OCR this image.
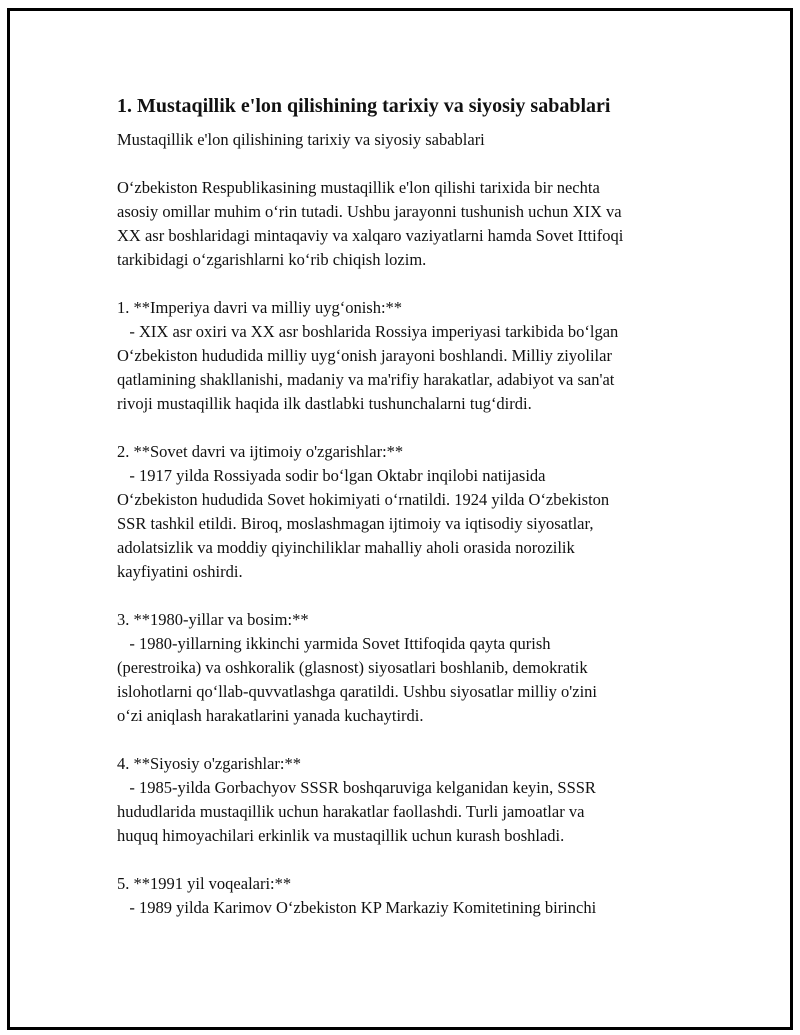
1. Mustaqillik e'lon qilishining tarixiy va siyosiy sabablari
Mustaqillik e'lon qilishining tarixiy va siyosiy sabablari
O‘zbekiston Respublikasining mustaqillik e'lon qilishi tarixida bir nechta
asosiy omillar muhim o‘rin tutadi. Ushbu jarayonni tushunish uchun XIX va
XX asr boshlaridagi mintaqaviy va xalqaro vaziyatlarni hamda Sovet Ittifoqi
tarkibidagi o‘zgarishlarni ko‘rib chiqish lozim.
1. **Imperiya davri va milliy uyg‘onish:**
- XIX asr oxiri va XX asr boshlarida Rossiya imperiyasi tarkibida bo‘lgan
O‘zbekiston hududida milliy uyg‘onish jarayoni boshlandi. Milliy ziyolilar
qatlamining shakllanishi, madaniy va ma'rifiy harakatlar, adabiyot va san'at
rivoji mustaqillik haqida ilk dastlabki tushunchalarni tug‘dirdi.
2. **Sovet davri va ijtimoiy o'zgarishlar:**
- 1917 yilda Rossiyada sodir bo‘lgan Oktabr inqilobi natijasida
O‘zbekiston hududida Sovet hokimiyati o‘rnatildi. 1924 yilda O‘zbekiston
SSR tashkil etildi. Biroq, moslashmagan ijtimoiy va iqtisodiy siyosatlar,
adolatsizlik va moddiy qiyinchiliklar mahalliy aholi orasida norozilik
kayfiyatini oshirdi.
3. **1980-yillar va bosim:**
- 1980-yillarning ikkinchi yarmida Sovet Ittifoqida qayta qurish
(perestroika) va oshkoralik (glasnost) siyosatlari boshlanib, demokratik
islohotlarni qo‘llab-quvvatlashga qaratildi. Ushbu siyosatlar milliy o'zini
o‘zi aniqlash harakatlarini yanada kuchaytirdi.
4. **Siyosiy o'zgarishlar:**
- 1985-yilda Gorbachyov SSSR boshqaruviga kelganidan keyin, SSSR
hududlarida mustaqillik uchun harakatlar faollashdi. Turli jamoatlar va
huquq himoyachilari erkinlik va mustaqillik uchun kurash boshladi.
5. **1991 yil voqealari:**
- 1989 yilda Karimov O‘zbekiston KP Markaziy Komitetining birinchi
